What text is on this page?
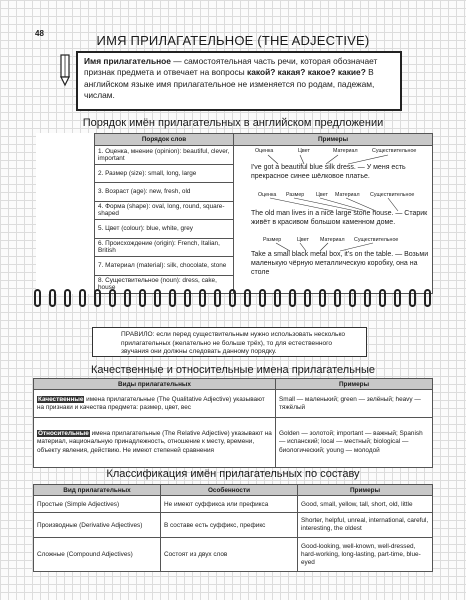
48	ИМЯ ПРИЛАГАТЕЛЬНОЕ (THE ADJECTIVE)
Имя прилагательное — самостоятельная часть речи, которая обозначает признак предмета и отвечает на вопросы какой? какая? какое? какие? В английском языке имя прилагательное не изменяется по родам, падежам, числам.
Порядок имён прилагательных в английском предложении
	Порядок слов	Примеры
	1. Оценка, мнение (opinion): beautiful, clever, important	
	2. Размер (size): small, long, large	
	3. Возраст (age): new, fresh, old	
	4. Форма (shape): oval, long, round, square-shaped	
	5. Цвет (colour): blue, white, grey	
	6. Происхождение (origin): French, Italian, British	
	7. Материал (material): silk, chocolate, stone	
	8. Существительное (noun): dress, cake, house	
Оценка	Цвет	Материал	Существительное
I've got a beautiful blue silk dress. — У меня есть прекрасное синее шёлковое платье.
Оценка Размер Цвет Материал Существительное
The old man lives in a nice large stone house. — Старик живёт в красивом большом каменном доме.
Размер	Цвет Материал Существительное
Take a small black metal box, it's on the table. — Возьми маленькую чёрную металлическую коробку, она на столе
ПРАВИЛО: если перед существительным нужно использовать несколько прилагательных (желательно не больше трёх), то для естественного звучания они должны следовать данному порядку.
Качественные и относительные имена прилагательные
Виды прилагательных	Примеры
Качественные имена прилагательные (The Qualitative Adjective) указывают на признаки и качества предмета: размер, цвет, вес	Small — маленький; green — зелёный; heavy — тяжёлый
Относительные имена прилагательные (The Relative Adjective) указывают на материал, национальную принадлежность, отношение к месту, времени, объекту явления, действию. Не имеют степеней сравнения	Golden — золотой; important — важный; Spanish — испанский; local — местный; biological — биологический; young — молодой
Классификация имён прилагательных по составу
Вид прилагательных	Особенности	Примеры
Простые (Simple Adjectives)	Не имеют суффикса или префикса	Good, small, yellow, tall, short, old, little
Производные (Derivative Adjectives)	В составе есть суффикс, префикс	Shorter, helpful, unreal, international, careful, interesting, the oldest
Сложные (Compound Adjectives)	Состоят из двух слов	Good-looking, well-known, well-dressed, hard-working, long-lasting, part-time, blue-eyed
